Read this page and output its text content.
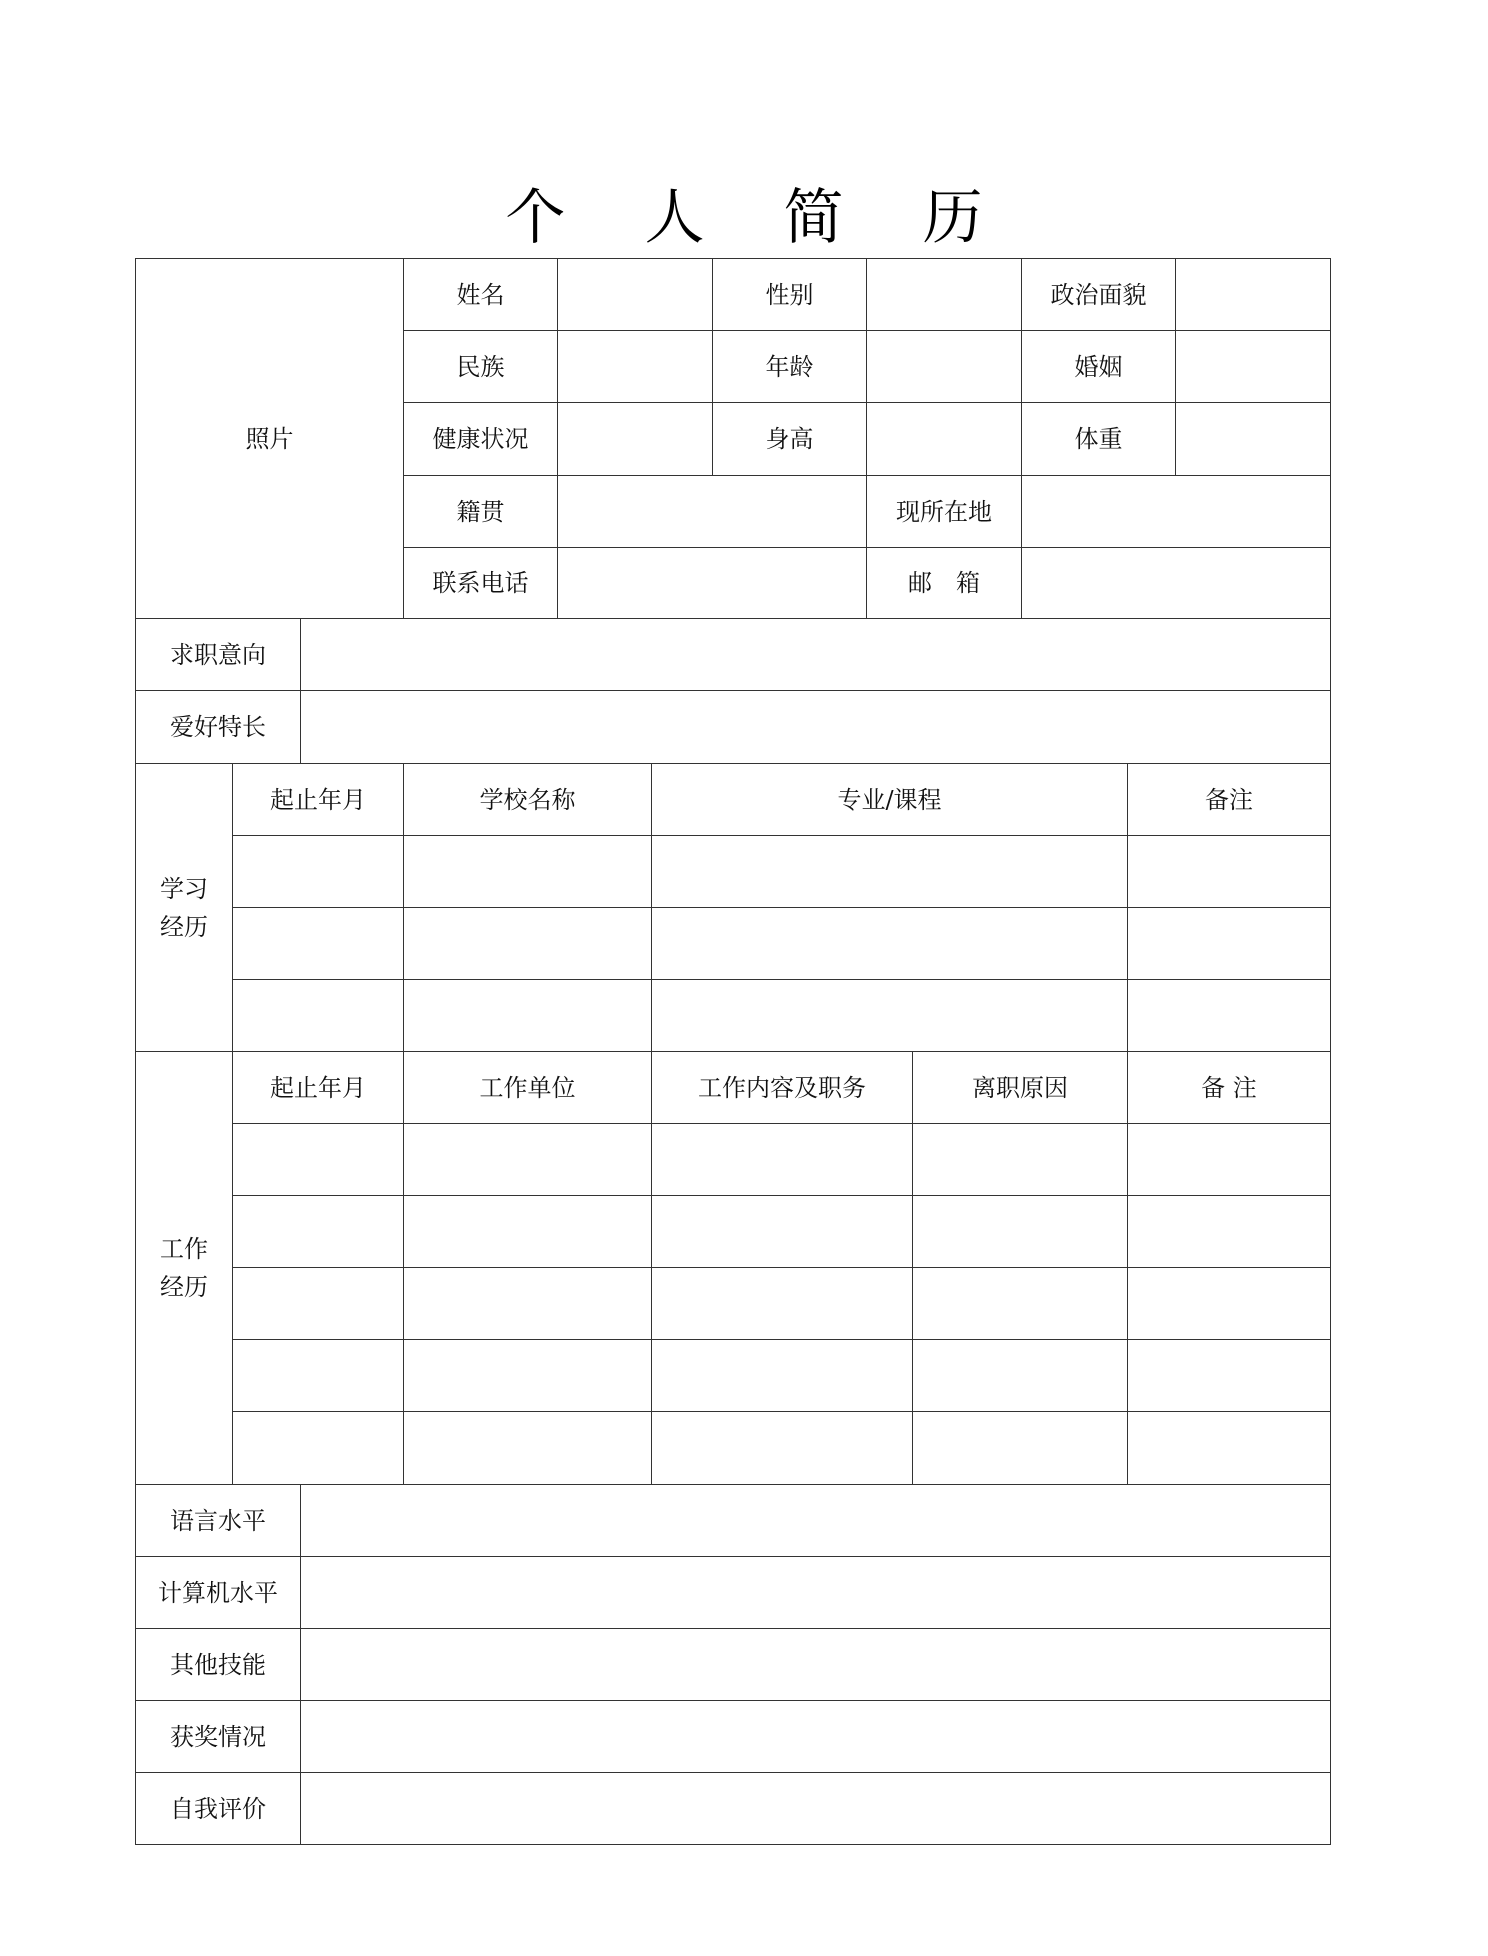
个 人 简 历
照片
姓名	性别	政治面貌
民族	年龄	婚姻
健康状况	身高	体重
籍贯	现所在地
联系电话	邮　箱
求职意向
爱好特长
学习经历
起止年月	学校名称	专业/课程	备注
工作经历
起止年月	工作单位	工作内容及职务	离职原因	备 注
语言水平
计算机水平
其他技能
获奖情况
自我评价
